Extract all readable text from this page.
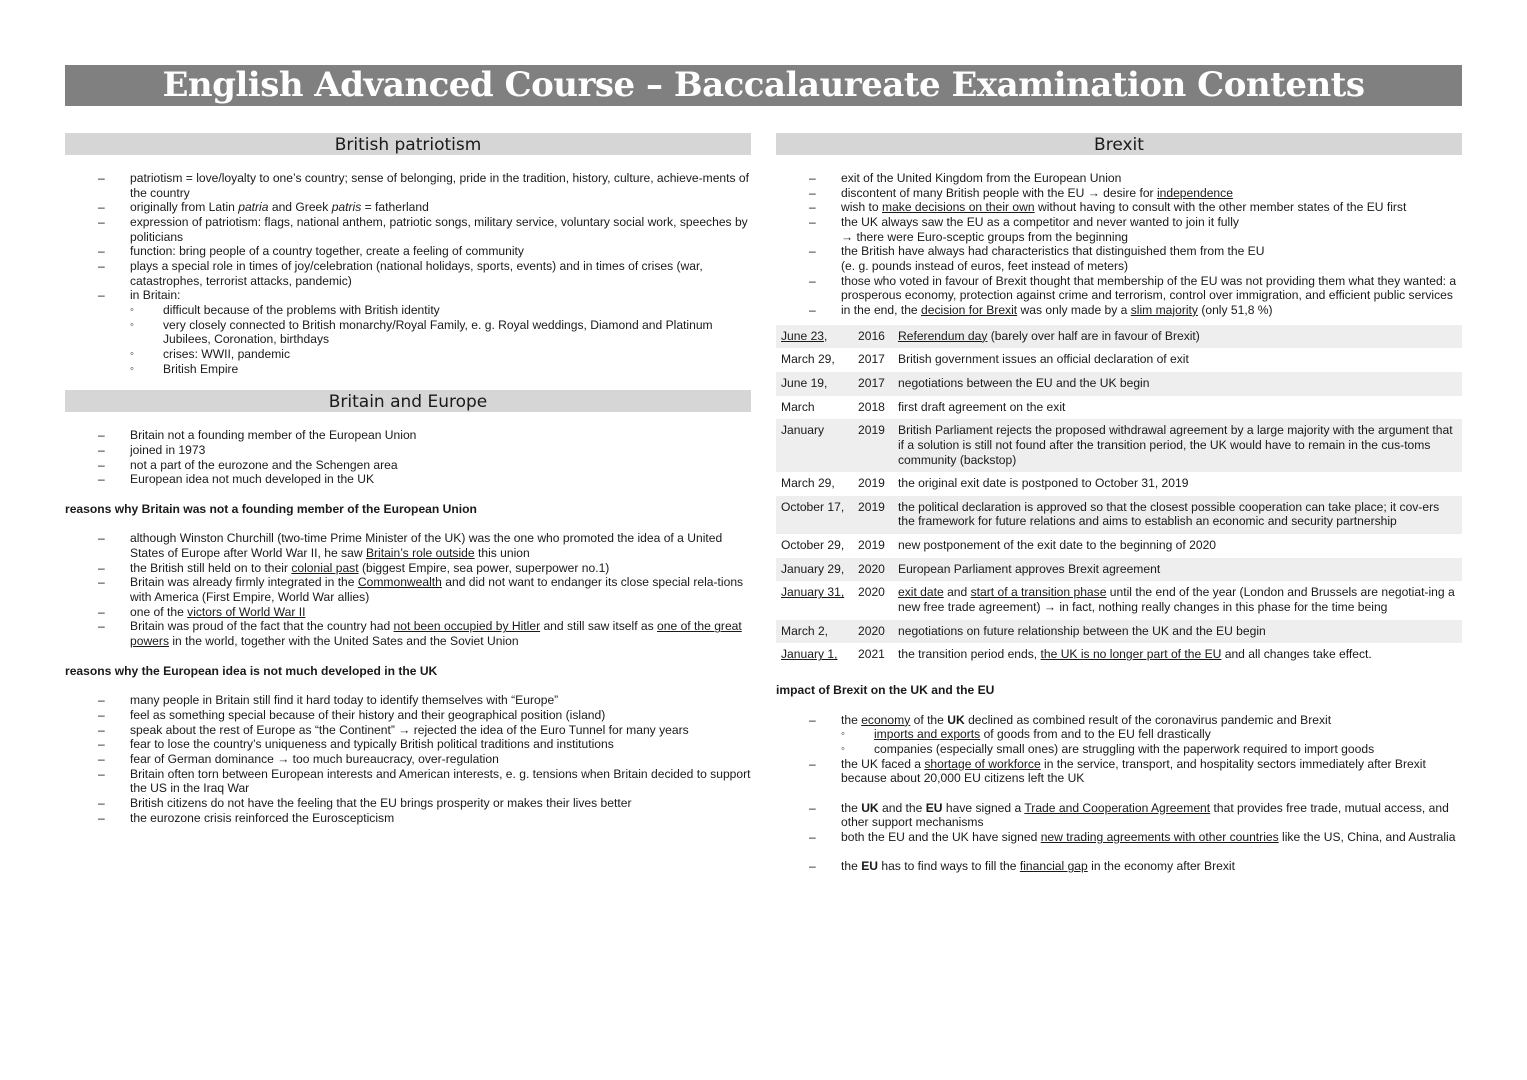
English Advanced Course – Baccalaureate Examination Contents
British patriotism
– patriotism = love/loyalty to one’s country; sense of belonging, pride in the tradition, history, culture, achieve-ments of the country
– originally from Latin patria and Greek patris = fatherland
– expression of patriotism: flags, national anthem, patriotic songs, military service, voluntary social work, speeches by politicians
– function: bring people of a country together, create a feeling of community
– plays a special role in times of joy/celebration (national holidays, sports, events) and in times of crises (war, catastrophes, terrorist attacks, pandemic)
– in Britain:
◦ difficult because of the problems with British identity
◦ very closely connected to British monarchy/Royal Family, e. g. Royal weddings, Diamond and Platinum Jubilees, Coronation, birthdays
◦ crises: WWII, pandemic
◦ British Empire
Britain and Europe
– Britain not a founding member of the European Union
– joined in 1973
– not a part of the eurozone and the Schengen area
– European idea not much developed in the UK
reasons why Britain was not a founding member of the European Union
– although Winston Churchill (two-time Prime Minister of the UK) was the one who promoted the idea of a United States of Europe after World War II, he saw Britain’s role outside this union
– the British still held on to their colonial past (biggest Empire, sea power, superpower no.1)
– Britain was already firmly integrated in the Commonwealth and did not want to endanger its close special rela-tions with America (First Empire, World War allies)
– one of the victors of World War II
– Britain was proud of the fact that the country had not been occupied by Hitler and still saw itself as one of the great powers in the world, together with the United Sates and the Soviet Union
reasons why the European idea is not much developed in the UK
– many people in Britain still find it hard today to identify themselves with “Europe”
– feel as something special because of their history and their geographical position (island)
– speak about the rest of Europe as “the Continent” → rejected the idea of the Euro Tunnel for many years
– fear to lose the country’s uniqueness and typically British political traditions and institutions
– fear of German dominance → too much bureaucracy, over-regulation
– Britain often torn between European interests and American interests, e. g. tensions when Britain decided to support the US in the Iraq War
– British citizens do not have the feeling that the EU brings prosperity or makes their lives better
– the eurozone crisis reinforced the Euroscepticism
Brexit
– exit of the United Kingdom from the European Union
– discontent of many British people with the EU → desire for independence
– wish to make decisions on their own without having to consult with the other member states of the EU first
– the UK always saw the EU as a competitor and never wanted to join it fully
→ there were Euro-sceptic groups from the beginning
– the British have always had characteristics that distinguished them from the EU
(e. g. pounds instead of euros, feet instead of meters)
– those who voted in favour of Brexit thought that membership of the EU was not providing them what they wanted: a prosperous economy, protection against crime and terrorism, control over immigration, and efficient public services
– in the end, the decision for Brexit was only made by a slim majority (only 51,8 %)
June 23,	2016	Referendum day (barely over half are in favour of Brexit)
March 29,	2017	British government issues an official declaration of exit
June 19,	2017	negotiations between the EU and the UK begin
March	2018	first draft agreement on the exit
January	2019	British Parliament rejects the proposed withdrawal agreement by a large majority with the argument that if a solution is still not found after the transition period, the UK would have to remain in the cus-toms community (backstop)
March 29,	2019	the original exit date is postponed to October 31, 2019
October 17,	2019	the political declaration is approved so that the closest possible cooperation can take place; it cov-ers the framework for future relations and aims to establish an economic and security partnership
October 29,	2019	new postponement of the exit date to the beginning of 2020
January 29,	2020	European Parliament approves Brexit agreement
January 31,	2020	exit date and start of a transition phase until the end of the year (London and Brussels are negotiat-ing a new free trade agreement) → in fact, nothing really changes in this phase for the time being
March 2,	2020	negotiations on future relationship between the UK and the EU begin
January 1,	2021	the transition period ends, the UK is no longer part of the EU and all changes take effect.
impact of Brexit on the UK and the EU
– the economy of the UK declined as combined result of the coronavirus pandemic and Brexit
◦ imports and exports of goods from and to the EU fell drastically
◦ companies (especially small ones) are struggling with the paperwork required to import goods
– the UK faced a shortage of workforce in the service, transport, and hospitality sectors immediately after Brexit because about 20,000 EU citizens left the UK
– the UK and the EU have signed a Trade and Cooperation Agreement that provides free trade, mutual access, and other support mechanisms
– both the EU and the UK have signed new trading agreements with other countries like the US, China, and Australia
– the EU has to find ways to fill the financial gap in the economy after Brexit
